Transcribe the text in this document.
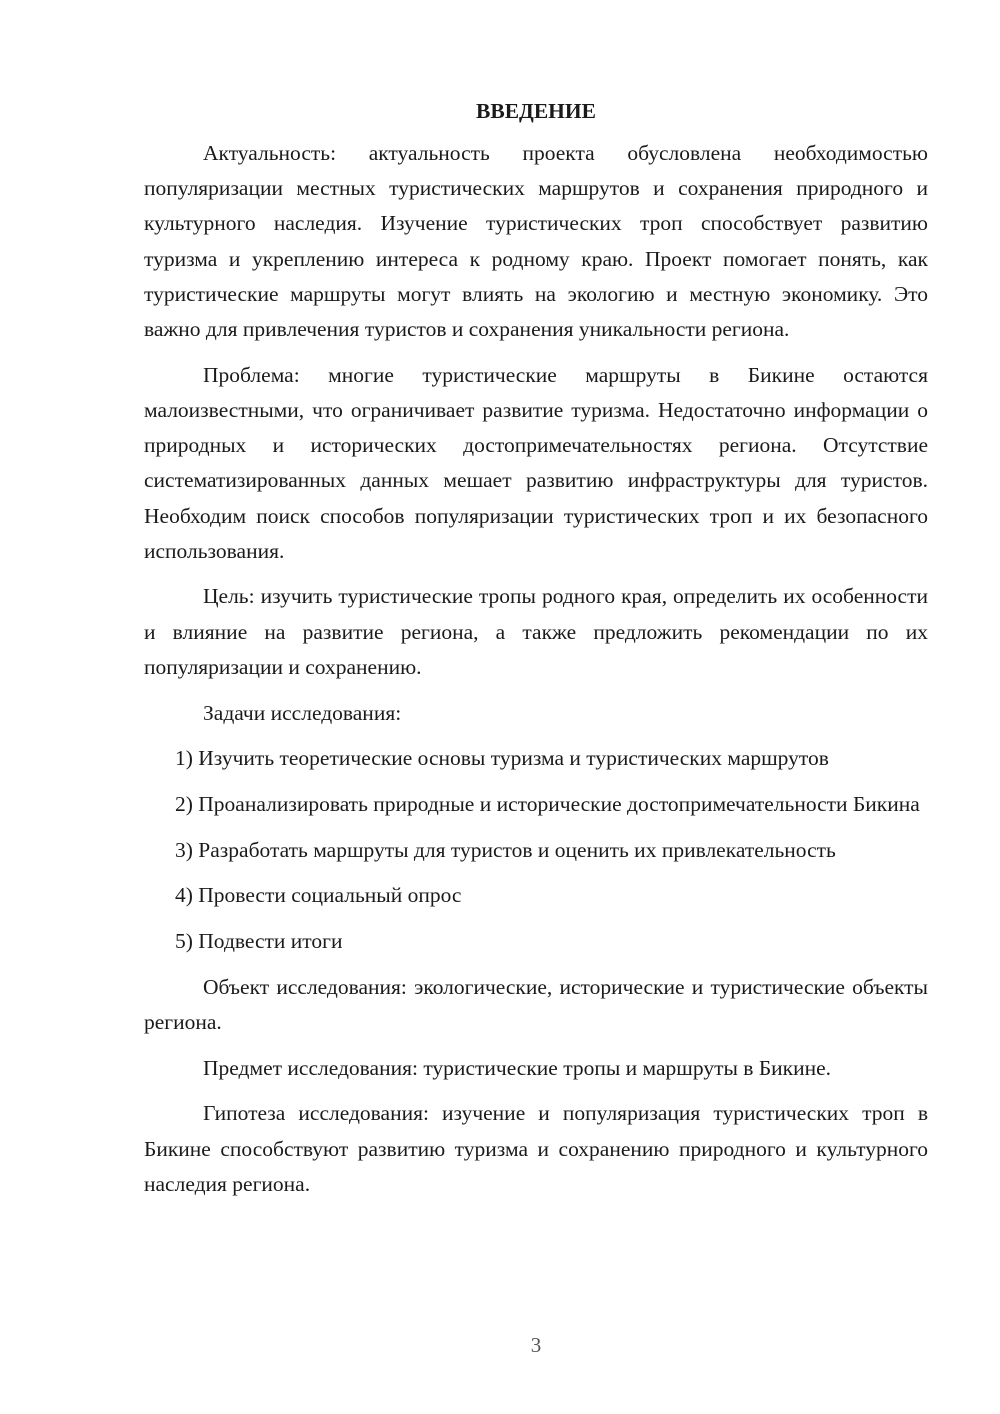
ВВЕДЕНИЕ

Актуальность: актуальность проекта обусловлена необходимостью популяризации местных туристических маршрутов и сохранения природного и культурного наследия. Изучение туристических троп способствует развитию туризма и укреплению интереса к родному краю. Проект помогает понять, как туристические маршруты могут влиять на экологию и местную экономику. Это важно для привлечения туристов и сохранения уникальности региона.

Проблема: многие туристические маршруты в Бикине остаются малоизвестными, что ограничивает развитие туризма. Недостаточно информации о природных и исторических достопримечательностях региона. Отсутствие систематизированных данных мешает развитию инфраструктуры для туристов. Необходим поиск способов популяризации туристических троп и их безопасного использования.

Цель: изучить туристические тропы родного края, определить их особенности и влияние на развитие региона, а также предложить рекомендации по их популяризации и сохранению.

Задачи исследования:

1) Изучить теоретические основы туризма и туристических маршрутов

2) Проанализировать природные и исторические достопримечательности Бикина

3) Разработать маршруты для туристов и оценить их привлекательность

4) Провести социальный опрос

5) Подвести итоги

Объект исследования: экологические, исторические и туристические объекты региона.

Предмет исследования: туристические тропы и маршруты в Бикине.

Гипотеза исследования: изучение и популяризация туристических троп в Бикине способствуют развитию туризма и сохранению природного и культурного наследия региона.

3
